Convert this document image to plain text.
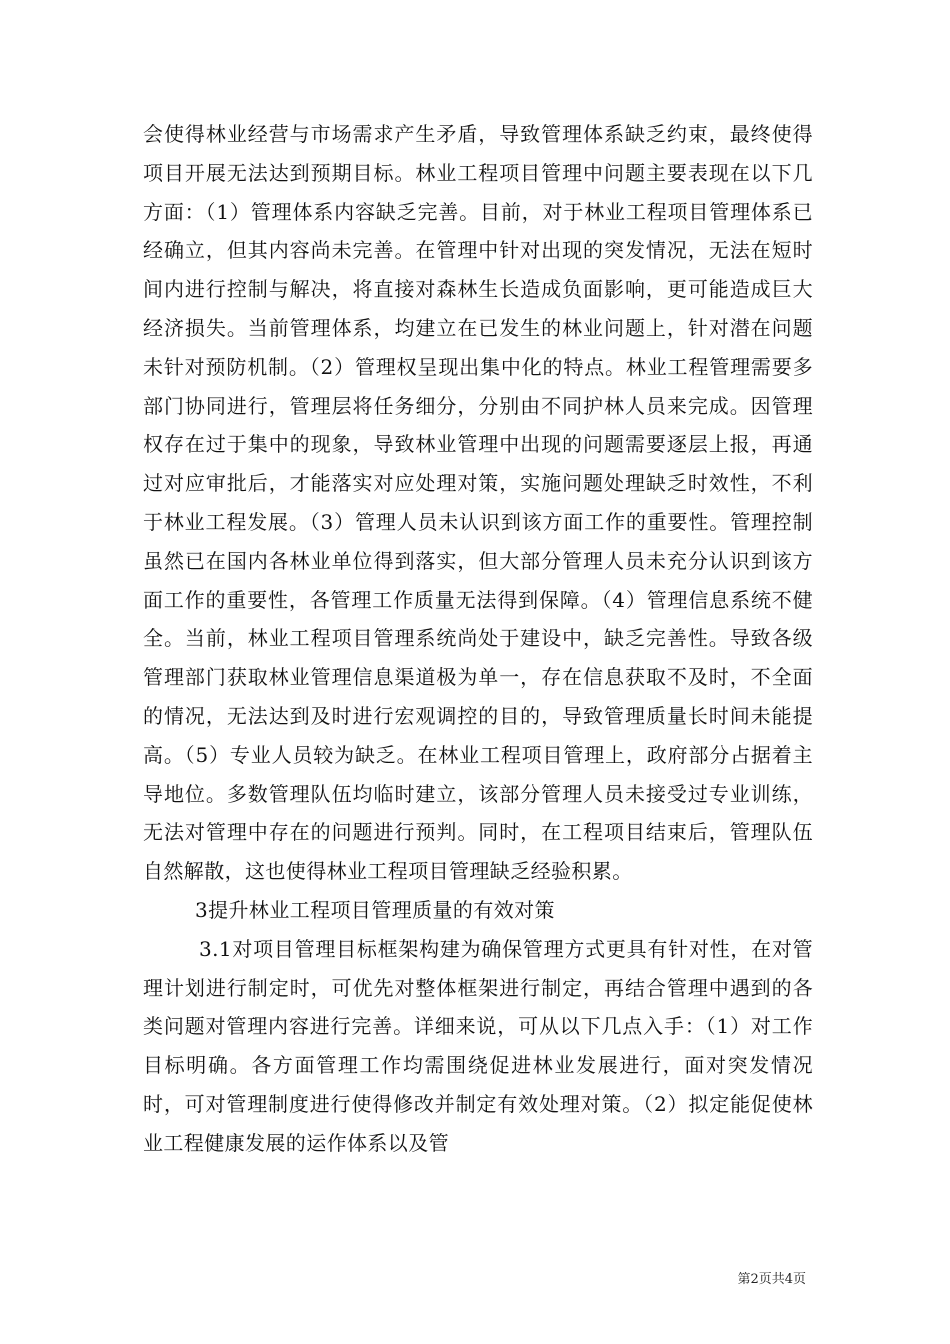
会使得林业经营与市场需求产生矛盾，导致管理体系缺乏约束，最终使得项目开展无法达到预期目标。林业工程项目管理中问题主要表现在以下几方面：（1）管理体系内容缺乏完善。目前，对于林业工程项目管理体系已经确立，但其内容尚未完善。在管理中针对出现的突发情况，无法在短时间内进行控制与解决，将直接对森林生长造成负面影响，更可能造成巨大经济损失。当前管理体系，均建立在已发生的林业问题上，针对潜在问题未针对预防机制。（2）管理权呈现出集中化的特点。林业工程管理需要多部门协同进行，管理层将任务细分，分别由不同护林人员来完成。因管理权存在过于集中的现象，导致林业管理中出现的问题需要逐层上报，再通过对应审批后，才能落实对应处理对策，实施问题处理缺乏时效性，不利于林业工程发展。（3）管理人员未认识到该方面工作的重要性。管理控制虽然已在国内各林业单位得到落实，但大部分管理人员未充分认识到该方面工作的重要性，各管理工作质量无法得到保障。（4）管理信息系统不健全。当前，林业工程项目管理系统尚处于建设中，缺乏完善性。导致各级管理部门获取林业管理信息渠道极为单一，存在信息获取不及时，不全面的情况，无法达到及时进行宏观调控的目的，导致管理质量长时间未能提高。（5）专业人员较为缺乏。在林业工程项目管理上，政府部分占据着主导地位。多数管理队伍均临时建立，该部分管理人员未接受过专业训练，无法对管理中存在的问题进行预判。同时，在工程项目结束后，管理队伍自然解散，这也使得林业工程项目管理缺乏经验积累。

3提升林业工程项目管理质量的有效对策

3.1对项目管理目标框架构建为确保管理方式更具有针对性，在对管理计划进行制定时，可优先对整体框架进行制定，再结合管理中遇到的各类问题对管理内容进行完善。详细来说，可从以下几点入手：（1）对工作目标明确。各方面管理工作均需围绕促进林业发展进行，面对突发情况时，可对管理制度进行使得修改并制定有效处理对策。（2）拟定能促使林业工程健康发展的运作体系以及管

第2页共4页
